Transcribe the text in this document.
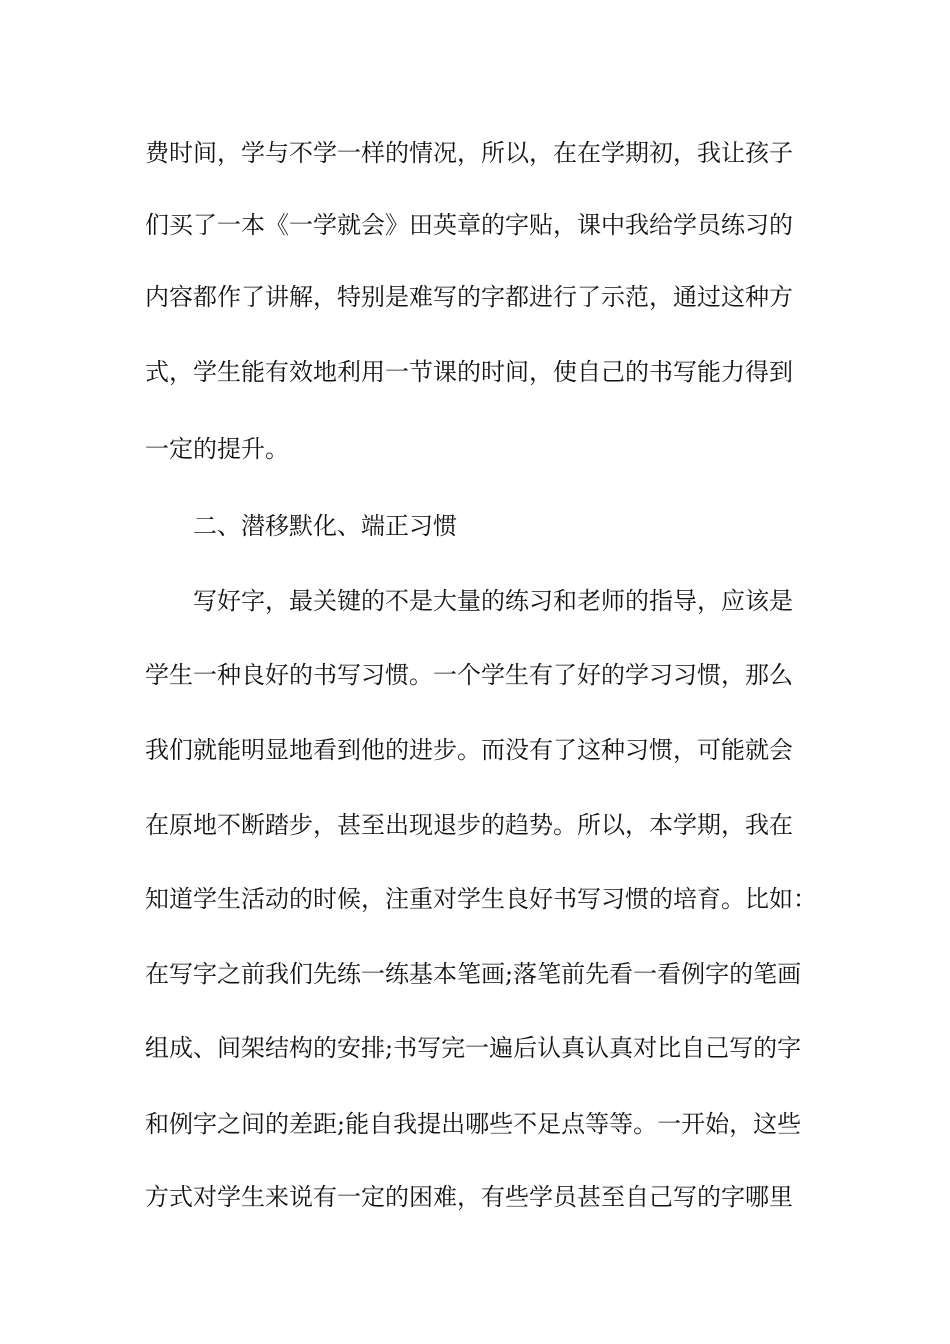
费时间，学与不学一样的情况，所以，在在学期初，我让孩子
们买了一本《一学就会》田英章的字贴，课中我给学员练习的
内容都作了讲解，特别是难写的字都进行了示范，通过这种方
式，学生能有效地利用一节课的时间，使自己的书写能力得到
一定的提升。
二、潜移默化、端正习惯
写好字，最关键的不是大量的练习和老师的指导，应该是
学生一种良好的书写习惯。一个学生有了好的学习习惯，那么
我们就能明显地看到他的进步。而没有了这种习惯，可能就会
在原地不断踏步，甚至出现退步的趋势。所以，本学期，我在
知道学生活动的时候，注重对学生良好书写习惯的培育。比如：
在写字之前我们先练一练基本笔画;落笔前先看一看例字的笔画
组成、间架结构的安排;书写完一遍后认真认真对比自己写的字
和例字之间的差距;能自我提出哪些不足点等等。一开始，这些
方式对学生来说有一定的困难，有些学员甚至自己写的字哪里
